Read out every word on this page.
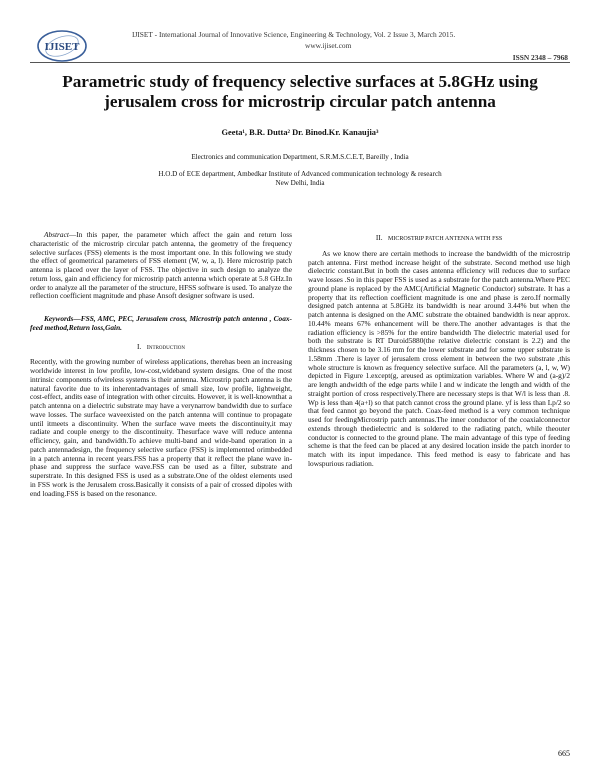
IJISET
IJISET - International Journal of Innovative Science, Engineering & Technology, Vol. 2 Issue 3, March 2015.
www.ijiset.com
ISSN 2348 – 7968
Parametric study of frequency selective surfaces at 5.8GHz using
jerusalem cross for microstrip circular patch antenna
Geeta¹, B.R. Dutta² Dr. Binod.Kr. Kanaujia³
Electronics and communication Department, S.R.M.S.C.E.T, Bareilly , India
H.O.D of ECE department, Ambedkar Institute of Advanced communication technology & research
New Delhi, India

Abstract—In this paper, the parameter which affect the gain and return loss characteristic of the microstrip circular patch antenna, the geometry of the frequency selective surfaces (FSS) elements is the most important one. In this following we study the effect of geometrical parameters of FSS element (W, w, a, l). Here microstrip patch antenna is placed over the layer of FSS. The objective in such design to analyze the return loss, gain and efficiency for microstrip patch antenna which operate at 5.8 GHz.In order to analyze all the parameter of the structure, HFSS software is used. To analyze the reflection coefficient magnitude and phase Ansoft designer software is used.

Keywords—FSS, AMC, PEC, Jerusalem cross, Microstrip patch antenna , Coax-feed method,Return loss,Gain.

I. Introduction

Recently, with the growing number of wireless applications, therehas been an increasing worldwide interest in low profile, low-cost,wideband system designs. One of the most intrinsic components ofwireless systems is their antenna. Microstrip patch antenna is the natural favorite due to its inherentadvantages of small size, low profile, lightweight, cost-effect, andits ease of integration with other circuits. However, it is well-knownthat a patch antenna on a dielectric substrate may have a verynarrow bandwidth due to surface wave losses. The surface waveexisted on the patch antenna will continue to propagate until itmeets a discontinuity. When the surface wave meets the discontinuity,it may radiate and couple energy to the discontinuity. Thesurface wave will reduce antenna efficiency, gain, and bandwidth.To achieve multi-band and wide-band operation in a patch antennadesign, the frequency selective surface (FSS) is implemented orimbedded in a patch antenna in recent years.FSS has a property that it reflect the plane wave in-phase and suppress the surface wave.FSS can be used as a filter, substrate and superstrate. In this designed FSS is used as a substrate.One of the oldest elements used in FSS work is the Jerusalem cross.Basically it consists of a pair of crossed dipoles with end loading.FSS is based on the resonance.

II. MICROSTRIP PATCH ANTENNA WITH FSS

As we know there are certain methods to increase the bandwidth of the microstrip patch antenna. First method increase height of the substrate. Second method use high dielectric constant.But in both the cases antenna efficiency will reduces due to surface wave losses .So in this paper FSS is used as a substrate for the patch antenna.Where PEC ground plane is replaced by the AMC(Artificial Magnetic Conductor) substrate. It has a property that its reflection coefficient magnitude is one and phase is zero.If normally designed patch antenna at 5.8GHz its bandwidth is near around 3.44% but when the patch antenna is designed on the AMC substrate the obtained bandwidth is near approx. 10.44% means 67% enhancement will be there.The another advantages is that the radiation efficiency is >85% for the entire bandwidth The dielectric material used for both the substrate is RT Duroid5880(the relative dielectric constant is 2.2) and the thickness chosen to be 3.16 mm for the lower substrate and for some upper substrate is 1.58mm .There is layer of jerusalem cross element in between the two substrate ,this whole structure is known as frequency selective surface. All the parameters (a, l, w, W) depicted in Figure 1.except(g, areused as optimization variables. Where W and (a-g)/2 are length andwidth of the edge parts while l and w indicate the length and width of the straight portion of cross respectively.There are necessary steps is that W/l is less than .8. Wp is less than 4(a+l) so that patch cannot cross the ground plane. yf is less than Lp/2 so that feed cannot go beyond the patch. Coax-feed method is a very common technique used for feedingMicrostrip patch antennas.The inner conductor of the coaxialconnector extends through thedielectric and is soldered to the radiating patch, while theouter conductor is connected to the ground plane. The main advantage of this type of feeding scheme is that the feed can be placed at any desired location inside the patch inorder to match with its input impedance. This feed method is easy to fabricate and has lowspurious radiation.

665
